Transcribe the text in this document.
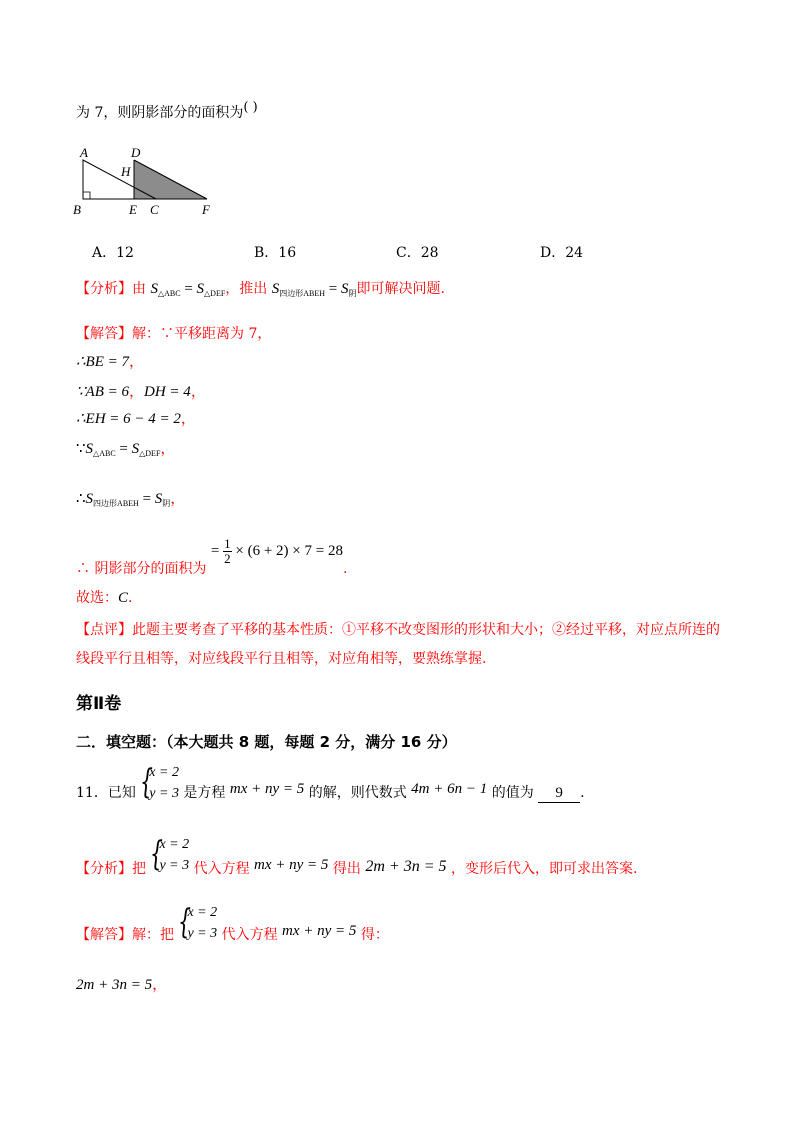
为 7，则阴影部分的面积为( )
A
B
D
H
E C	F
A．12	B．16	C．28	D．24
【分析】由 $S_{\triangle ABC} = S_{\triangle DEF}$，推出 $S_{四边形ABEH} = S_阴$即可解决问题.
【解答】解：∵平移距离为 7，
∴BE = 7，
∵AB = 6，DH = 4，
∴EH = 6 − 4 = 2，
$\because S_{\triangle ABC} = S_{\triangle DEF}$，
$\therefore S_{四边形ABEH} = S_阴$，
∴ 阴影部分的面积为 = $\frac{1}{2} \times (6 + 2) \times 7 = 28$.
故选：C.
【点评】此题主要考查了平移的基本性质：①平移不改变图形的形状和大小；②经过平移，对应点所连的
线段平行且相等，对应线段平行且相等，对应角相等，要熟练掌握.
第Ⅱ卷
二．填空题：（本大题共 8 题，每题 2 分，满分 16 分）
11．已知 {
x = 2
y = 3 是方程 mx + ny = 5 的解，则代数式 4m + 6n − 1 的值为 9 .
【分析】把 {
x = 2
y = 3 代入方程 mx + ny = 5 得出 2m + 3n = 5 ，变形后代入，即可求出答案.
【解答】解：把 {
x = 2
y = 3 代入方程 mx + ny = 5 得：
2m + 3n = 5，
